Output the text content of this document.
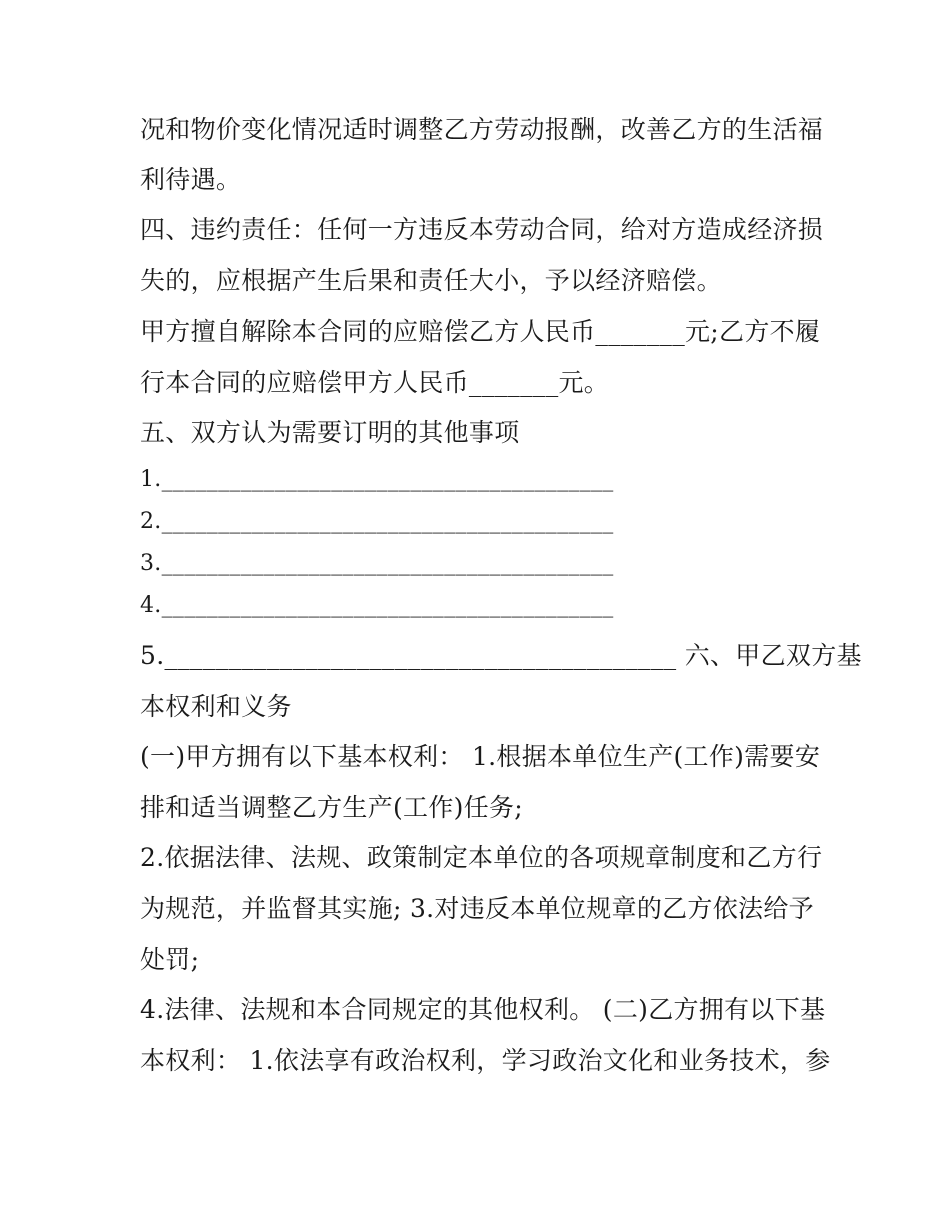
况和物价变化情况适时调整乙方劳动报酬，改善乙方的生活福
利待遇。
四、违约责任：任何一方违反本劳动合同，给对方造成经济损
失的，应根据产生后果和责任大小，予以经济赔偿。
甲方擅自解除本合同的应赔偿乙方人民币_______元;乙方不履
行本合同的应赔偿甲方人民币_______元。
五、双方认为需要订明的其他事项
1.________________________________________
2.________________________________________
3.________________________________________
4.________________________________________
5.________________________________________ 六、甲乙双方基
本权利和义务
(一)甲方拥有以下基本权利： 1.根据本单位生产(工作)需要安
排和适当调整乙方生产(工作)任务;
2.依据法律、法规、政策制定本单位的各项规章制度和乙方行
为规范，并监督其实施; 3.对违反本单位规章的乙方依法给予
处罚;
4.法律、法规和本合同规定的其他权利。 (二)乙方拥有以下基
本权利： 1.依法享有政治权利，学习政治文化和业务技术，参
